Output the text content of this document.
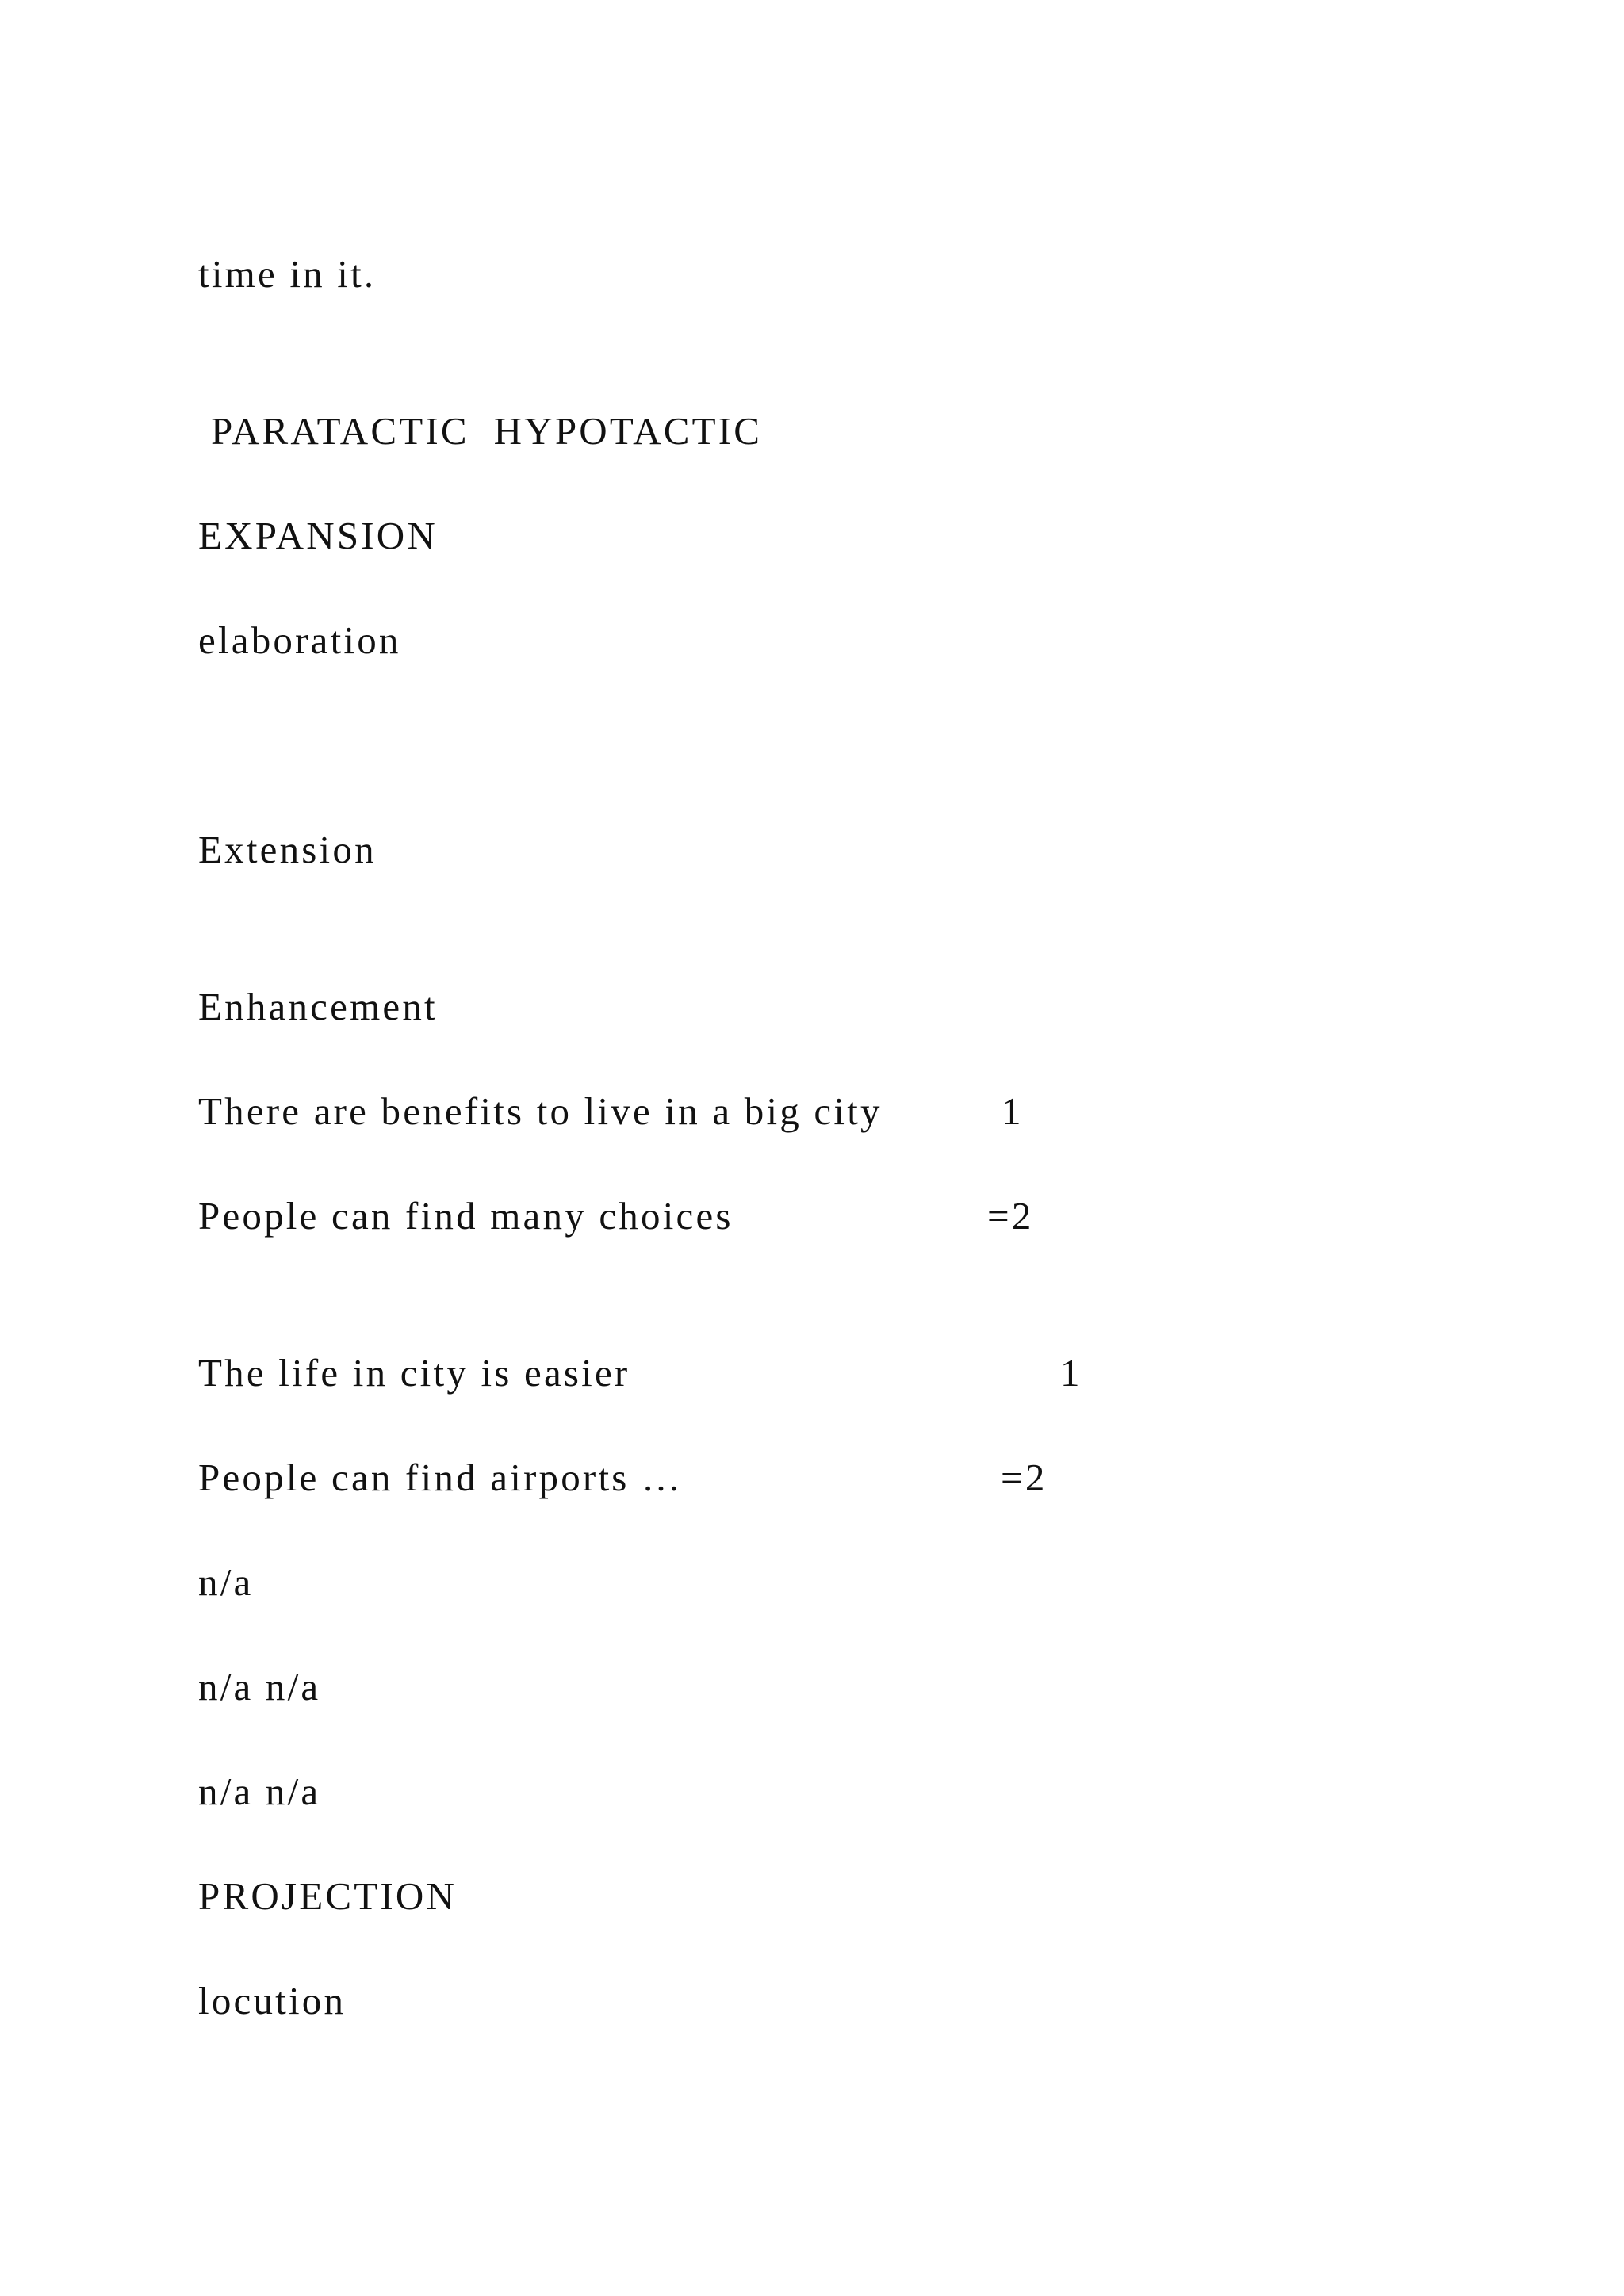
time in it.
PARATACTIC  HYPOTACTIC
EXPANSION
elaboration
Extension
Enhancement
There are benefits to live in a big city	1
People can find many choices	=2
The life in city is easier	1
People can find airports …	=2
n/a
n/a n/a
n/a n/a
PROJECTION
locution
